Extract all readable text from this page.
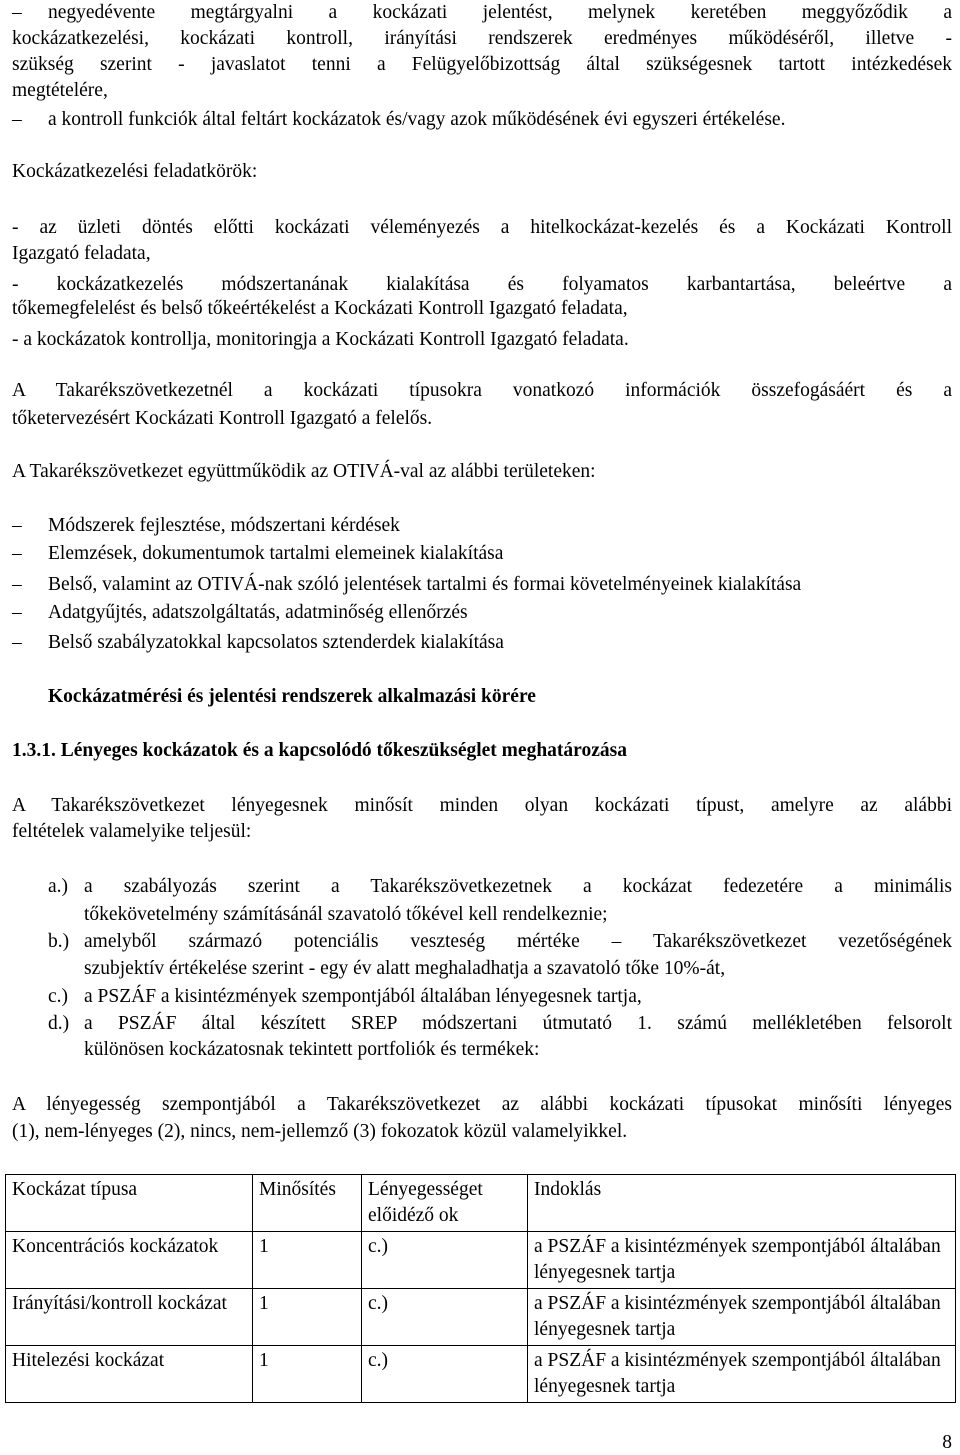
–	negyedévente megtárgyalni a kockázati jelentést, melynek keretében meggyőződik a
kockázatkezelési, kockázati kontroll, irányítási rendszerek eredményes működéséről, illetve -
szükség szerint - javaslatot tenni a Felügyelőbizottság által szükségesnek tartott intézkedések
megtételére,
–	a kontroll funkciók által feltárt kockázatok és/vagy azok működésének évi egyszeri értékelése.
Kockázatkezelési feladatkörök:
- az üzleti döntés előtti kockázati véleményezés a hitelkockázat-kezelés és a Kockázati Kontroll
Igazgató feladata,
- kockázatkezelés módszertanának kialakítása és folyamatos karbantartása, beleértve a
tőkemegfelelést és belső tőkeértékelést a Kockázati Kontroll Igazgató feladata,
- a kockázatok kontrollja, monitoringja a Kockázati Kontroll Igazgató feladata.
A Takarékszövetkezetnél a kockázati típusokra vonatkozó információk összefogásáért és a
tőketervezésért Kockázati Kontroll Igazgató a felelős.
A Takarékszövetkezet együttműködik az OTIVÁ-val az alábbi területeken:
–	Módszerek fejlesztése, módszertani kérdések
–	Elemzések, dokumentumok tartalmi elemeinek kialakítása
–	Belső, valamint az OTIVÁ-nak szóló jelentések tartalmi és formai követelményeinek kialakítása
–	Adatgyűjtés, adatszolgáltatás, adatminőség ellenőrzés
–	Belső szabályzatokkal kapcsolatos sztenderdek kialakítása
Kockázatmérési és jelentési rendszerek alkalmazási körére
1.3.1. Lényeges kockázatok és a kapcsolódó tőkeszükséglet meghatározása
A Takarékszövetkezet lényegesnek minősít minden olyan kockázati típust, amelyre az alábbi
feltételek valamelyike teljesül:
a.) a szabályozás szerint a Takarékszövetkezetnek a kockázat fedezetére a minimális
tőkekövetelmény számításánál szavatoló tőkével kell rendelkeznie;
b.) amelyből származó potenciális veszteség mértéke – Takarékszövetkezet vezetőségének
szubjektív értékelése szerint - egy év alatt meghaladhatja a szavatoló tőke 10%-át,
c.) a PSZÁF a kisintézmények szempontjából általában lényegesnek tartja,
d.) a PSZÁF által készített SREP módszertani útmutató 1. számú mellékletében felsorolt
különösen kockázatosnak tekintett portfoliók és termékek:
A lényegesség szempontjából a Takarékszövetkezet az alábbi kockázati típusokat minősíti lényeges
(1), nem-lényeges (2), nincs, nem-jellemző (3) fokozatok közül valamelyikkel.
Kockázat típusa	Minősítés	Lényegességet előidéző ok	Indoklás
Koncentrációs kockázatok	1	c.)	a PSZÁF a kisintézmények szempontjából általában lényegesnek tartja
Irányítási/kontroll kockázat	1	c.)	a PSZÁF a kisintézmények szempontjából általában lényegesnek tartja
Hitelezési kockázat	1	c.)	a PSZÁF a kisintézmények szempontjából általában lényegesnek tartja
8
